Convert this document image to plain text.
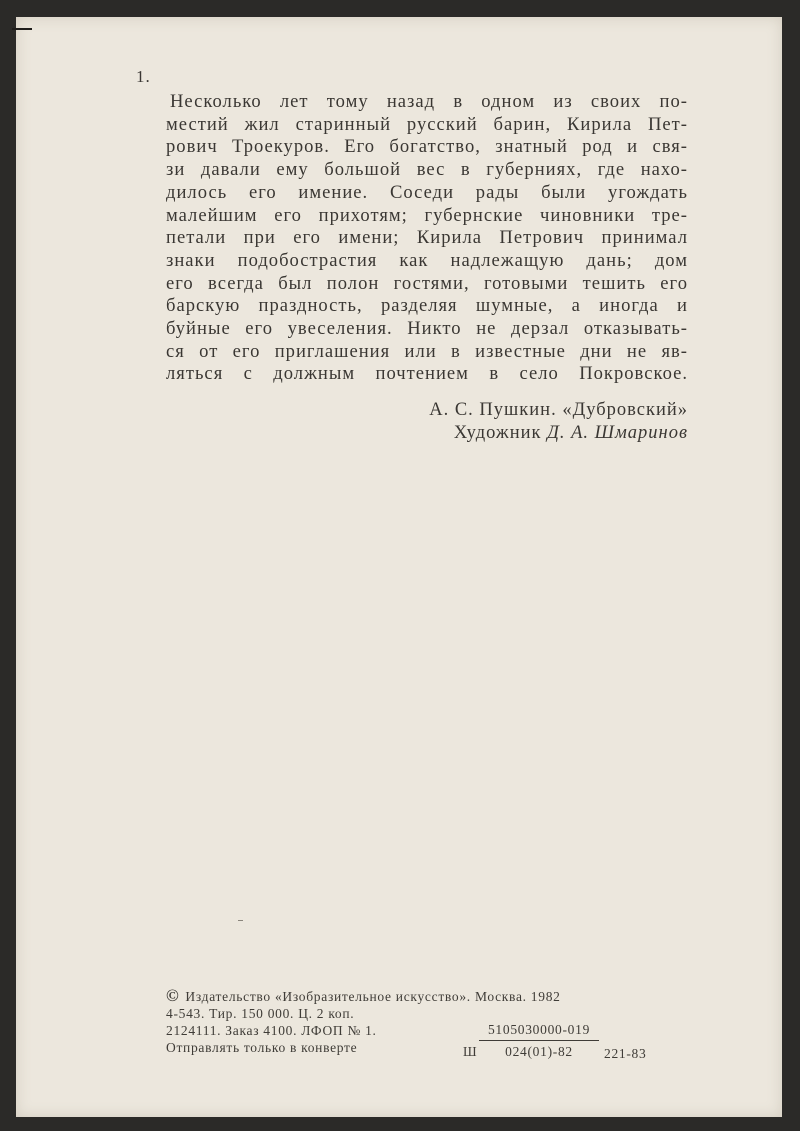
1.
Несколько лет тому назад в одном из своих по-
местий жил старинный русский барин, Кирила Пет-
рович Троекуров. Его богатство, знатный род и свя-
зи давали ему большой вес в губерниях, где нахо-
дилось его имение. Соседи рады были угождать
малейшим его прихотям; губернские чиновники тре-
петали при его имени; Кирила Петрович принимал
знаки подобострастия как надлежащую дань; дом
его всегда был полон гостями, готовыми тешить его
барскую праздность, разделяя шумные, а иногда и
буйные его увеселения. Никто не дерзал отказывать-
ся от его приглашения или в известные дни не яв-
ляться с должным почтением в село Покровское.
А. С. Пушкин. «Дубровский»
Художник Д. А. Шмаринов
© Издательство «Изобразительное искусство». Москва. 1982
4-543. Тир. 150 000. Ц. 2 коп.
2124111. Заказ 4100. ЛФОП № 1.
Отправлять только в конверте	Ш $\frac{5105030000-019}{024(01)-82} 221-83$
